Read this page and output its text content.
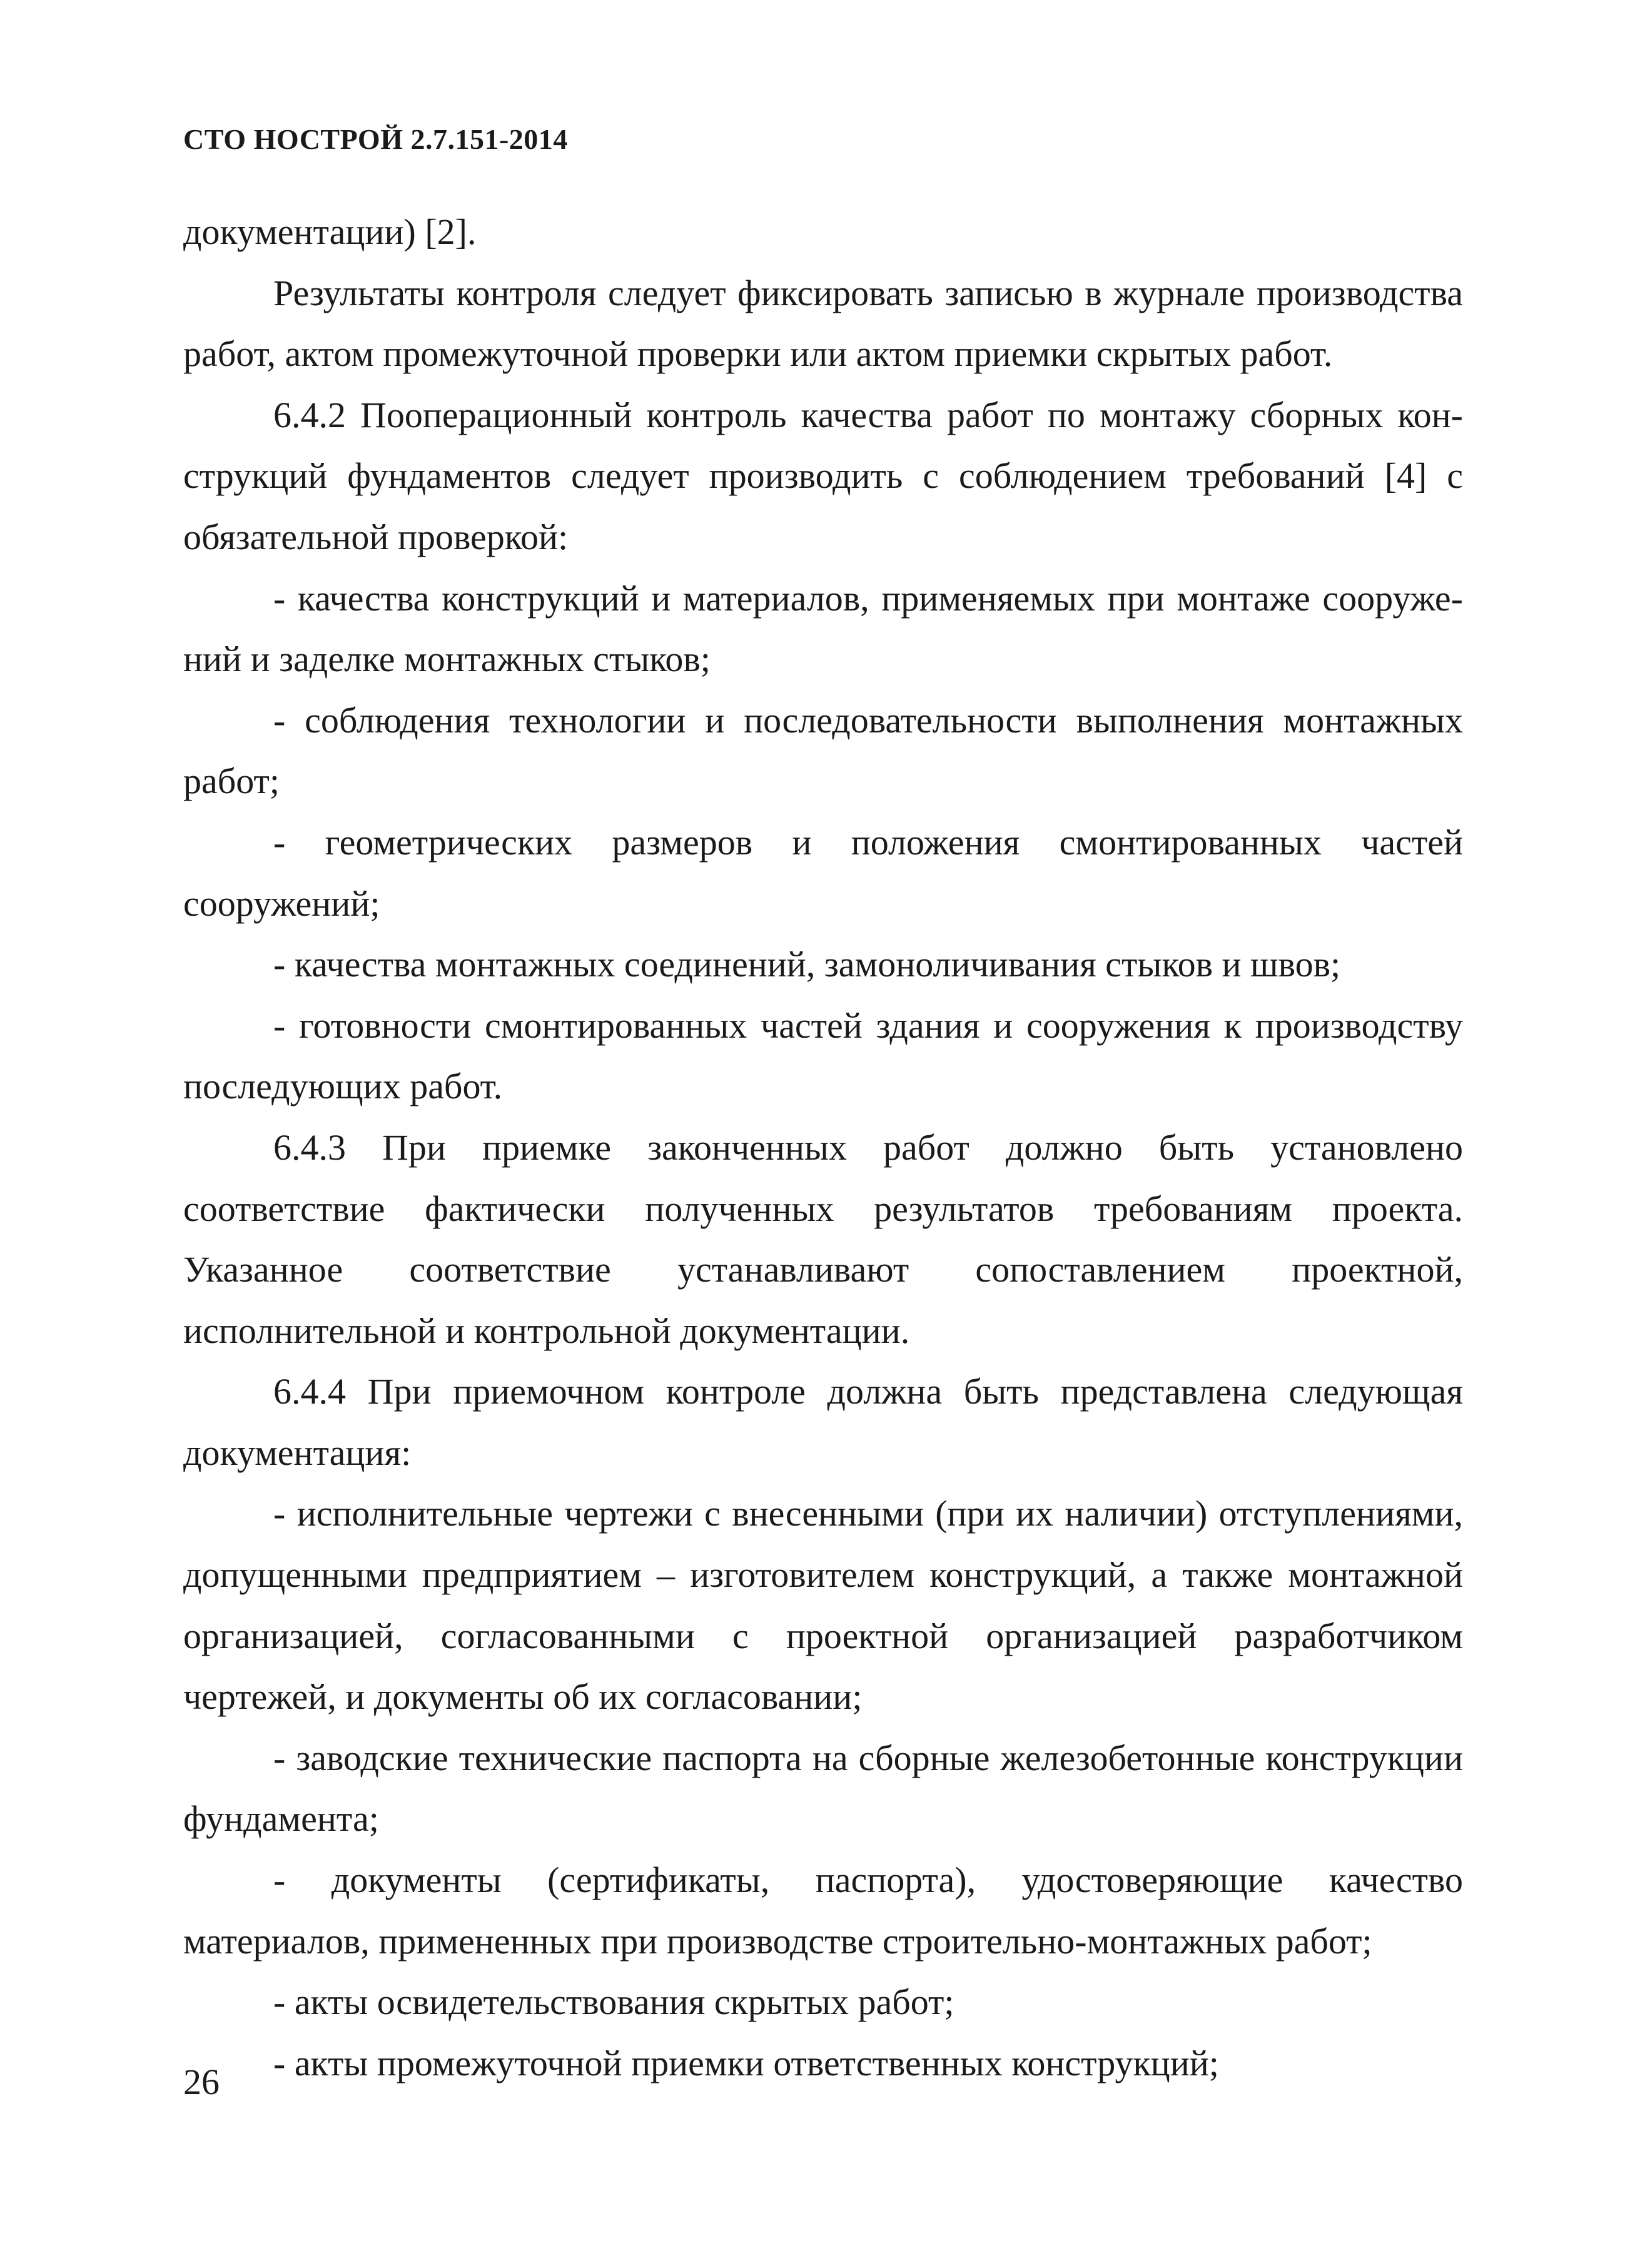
СТО НОСТРОЙ 2.7.151-2014

документации) [2].

Результаты контроля следует фиксировать записью в журнале производства работ, актом промежуточной проверки или актом приемки скрытых работ.

6.4.2 Пооперационный контроль качества работ по монтажу сборных конструкций фундаментов следует производить с соблюдением требований [4] с обязательной проверкой:

- качества конструкций и материалов, применяемых при монтаже сооружений и заделке монтажных стыков;

- соблюдения технологии и последовательности выполнения монтажных работ;

- геометрических размеров и положения смонтированных частей сооружений;

- качества монтажных соединений, замоноличивания стыков и швов;

- готовности смонтированных частей здания и сооружения к производству последующих работ.

6.4.3 При приемке законченных работ должно быть установлено соответствие фактически полученных результатов требованиям проекта. Указанное соответствие устанавливают сопоставлением проектной, исполнительной и контрольной документации.

6.4.4 При приемочном контроле должна быть представлена следующая документация:

- исполнительные чертежи с внесенными (при их наличии) отступлениями, допущенными предприятием – изготовителем конструкций, а также монтажной организацией, согласованными с проектной организацией разработчиком чертежей, и документы об их согласовании;

- заводские технические паспорта на сборные железобетонные конструкции фундамента;

- документы (сертификаты, паспорта), удостоверяющие качество материалов, примененных при производстве строительно-монтажных работ;

- акты освидетельствования скрытых работ;

- акты промежуточной приемки ответственных конструкций;

26
